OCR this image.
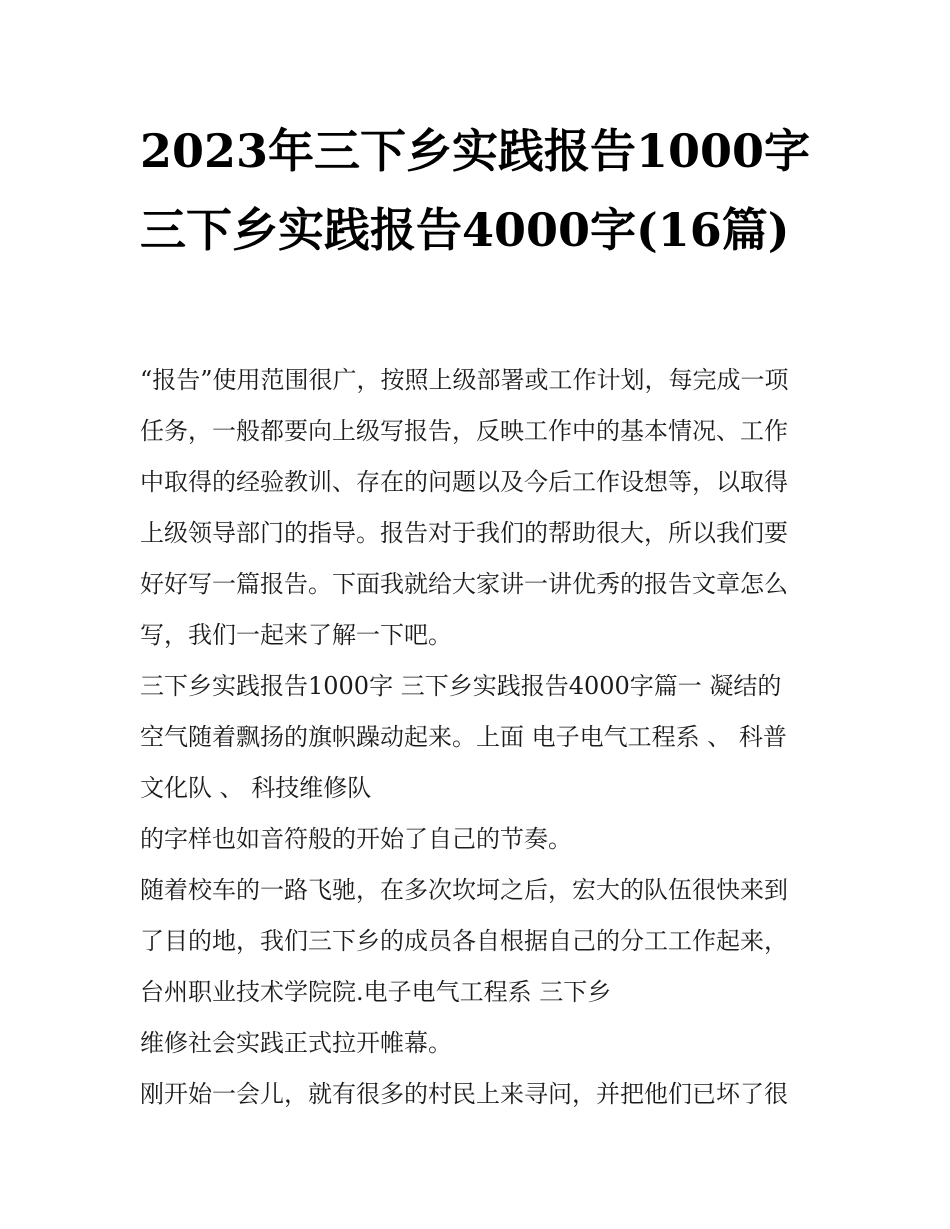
2023年三下乡实践报告1000字 三下乡实践报告4000字(16篇)
“报告”使用范围很广，按照上级部署或工作计划，每完成一项
任务，一般都要向上级写报告，反映工作中的基本情况、工作
中取得的经验教训、存在的问题以及今后工作设想等，以取得
上级领导部门的指导。报告对于我们的帮助很大，所以我们要
好好写一篇报告。下面我就给大家讲一讲优秀的报告文章怎么
写，我们一起来了解一下吧。
三下乡实践报告1000字 三下乡实践报告4000字篇一 凝结的
空气随着飘扬的旗帜躁动起来。上面 电子电气工程系 、 科普
文化队 、 科技维修队
的字样也如音符般的开始了自己的节奏。
随着校车的一路飞驰，在多次坎坷之后，宏大的队伍很快来到
了目的地，我们三下乡的成员各自根据自己的分工工作起来，
台州职业技术学院院.电子电气工程系 三下乡
维修社会实践正式拉开帷幕。
刚开始一会儿，就有很多的村民上来寻问，并把他们已坏了很
